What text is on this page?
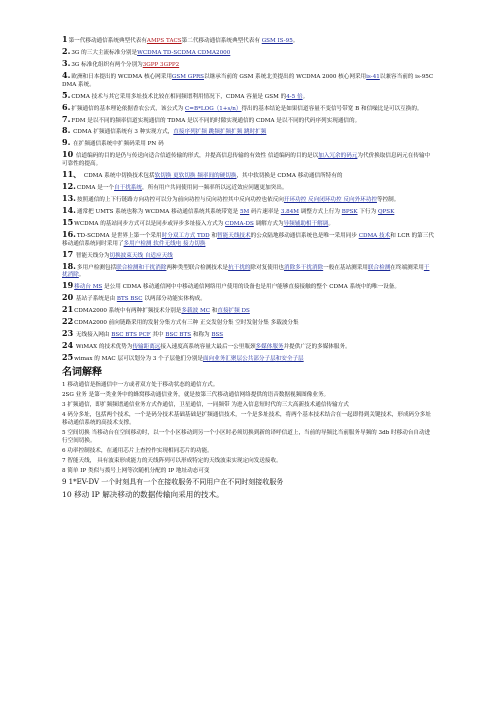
1第一代移动通信系统典型代表有AMPS TACS第二代移动通信系统典型代表有 GSM IS-95。
2.3G 的三大主流标准分别是WCDMA TD-SCDMA CDMA2000
3.3G 标准化组织有两个分别为3GPP 3GPP2
4.欧洲和日本提出的 WCDMA 核心网采用GSM GPRS以继承当前的 GSM 系统北美提出的 WCDMA 2000 核心网采用is-41以兼容当前的 is-95CDMA 系统。
5.CDMA 技术与其它采用多址技术比较在相同频谱利用情况下，CDMA 容量是 GSM 的4-5 倍。
6.扩频通信的基本理论依据香农公式，该公式为 C=B*LOG（1+s/n）得出的基本结论是如果信道容量不变信号带宽 B 和信噪比是可以互换的。
7.FDM 是以不同的频率信道实现通信的 TDMA 是以不同的时隙实现通信的 CDMA 是以不同的代码序列实现通信的。
8. CDMA 扩频通信系统有 3 种实现方式，直接序列扩频 跳频扩频扩频 跳时扩频
9. 在扩频通信系统中扩频码采用 PN 码
10 信道编码的目的是仍与传送向适合信道传输的形式，并提高信息传输的有效性 信道编码的目的是以加入冗余的码元为代价换取信息码元在传输中可靠性的提高。
11、 CDMA 系统中切换技术包括软切换 更软切换 频率间的硬切换，其中软切换是 CDMA 移动通信所特有的
12.CDMA 是一个自干扰系统，所有用户共同使用同一频率所以远近效应问题更加突出。
13.按照通信的上下行链路方向功控可以分为前向功控与反向功控其中反向功控也依反向开环功控 反向闭环功控 反向外环功控等控制。
14.通常把 UMTS 系统也称为 WCDMA 移动通信系统其系统带宽是 5M 码片速率是 3.84M 调整方式上行为 BPSK 下行为 QPSK
15WCDMA 的基站同步方式可以是同步或异步多址接入方式为 CDMA-DS 调解方式为导频辅助相干解调。
16.TD-SCDMA 是世界上第一个采用时分双工方式 TDD 和智能天线技术的公众陆地移动通信系统也是唯一采用同步 CDMA 技术和 LCR 的第三代移动通信系统同时采用了多用户检测 软件无线电 接力切换
17 智能天线分为切换波束天线 自适应天线
18.多用户检测包括联合检测和干扰消除两种类型联合检测技术是抗干扰的除对复使用也消除多干扰消除一般在基站测采用联合检测在终端测采用干扰消除。
19移动台 MS 是公用 CDMA 移动通信网中中移动通信网络用户使用的设备也是用户能够直接接触的整个 CDMA 系统中的唯一设备。
20 基站子系统是由 BTS BSC 以两部分功能实体构成。
21CDMA2000 系统中有两种扩频技术分别是多载波 MC 和直接扩频 DS
22CDMA2000 前向链路采用的发射分集方式有三种 正交发射分集 空时发射分集 多载波分集
23 无线接入网由 BSC BTS PCF 其中 BSC BTS 和称为 BSS
24 WiMAX 的技术优势为传输距离远接入速度高系统容量大最后一公里瓶颈多媒体服务并提供广泛的多媒体服务。
25wimax 的 MAC 层可以划分为 3 个子层他们分别是面向业务汇聚层公共部分子层和安全子层
名词解释
1 移动通信是指通信中一方或者双方处于移动状态的通信方式。
2SG 业务 是第一类业务中的蜂窝移动通信业务，就是按第三代移动通信网络提供的语音数据视频图像业务。
3 扩频通信，即扩频频谱通信业务方式作通信，卫星通信，一同频带 为进入信息短时代的三大高新技术通信传输方式
4 码分多址，包括两个技术，一个是码分技术基础基础是扩频通信技术，一个是多址技术，将两个基本技术结合在一起即得到关键技术，形成码分多址移动通信系统的高技术支撑。
5 空间切换 当移动台在空间移动时，以一个小区移动到另一个小区时必须切换到新的译呼信道上，当前的导频比当前服务导频的 3db 时移动台自动进行空间切换。
6 功率控制技术，在通用芯片上查控作实现相同芯片的功能。
7 智能天线， 具有波束形成能力的天线阵列可以形成特定的天线波束实现定向发送接收。
8 简单 IP 类似与拨号上网等次随机分配的 IP 地址动态可变
9 1*EV-DV 一个时刻具有一个在接收服务不同用户在不同时刻接收服务
10 移动 IP 解决移动的数据传输向采用的技术。
